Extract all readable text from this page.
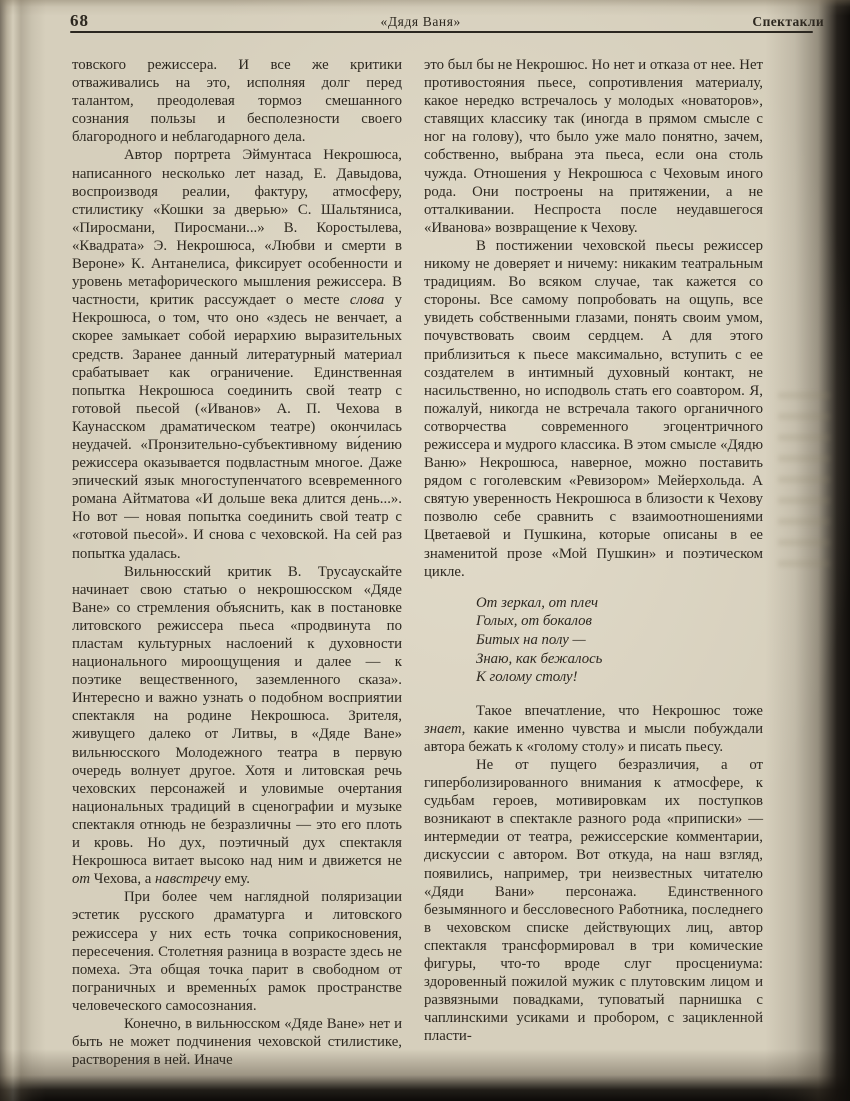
68	«Дядя Ваня»	Спектакли

товского режиссера. И все же критики отваживались на это, исполняя долг перед талантом, преодолевая тормоз смешанного сознания пользы и бесполезности своего благородного и неблагодарного дела.

Автор портрета Эймунтаса Некрошюса, написанного несколько лет назад, Е. Давыдова, воспроизводя реалии, фактуру, атмосферу, стилистику «Кошки за дверью» С. Шальтяниса, «Пиросмани, Пиросмани...» В. Коростылева, «Квадрата» Э. Некрошюса, «Любви и смерти в Вероне» К. Антанелиса, фиксирует особенности и уровень метафорического мышления режиссера. В частности, критик рассуждает о месте слова у Некрошюса, о том, что оно «здесь не венчает, а скорее замыкает собой иерархию выразительных средств. Заранее данный литературный материал срабатывает как ограничение. Единственная попытка Некрошюса соединить свой театр с готовой пьесой («Иванов» А. П. Чехова в Каунасском драматическом театре) окончилась неудачей. «Пронзительно-субъективному ви́дению режиссера оказывается подвластным многое. Даже эпический язык многоступенчатого всевременного романа Айтматова «И дольше века длится день...». Но вот — новая попытка соединить свой театр с «готовой пьесой». И снова с чеховской. На сей раз попытка удалась.

Вильнюсский критик В. Трусаускайте начинает свою статью о некрошюсском «Дяде Ване» со стремления объяснить, как в постановке литовского режиссера пьеса «продвинута по пластам культурных наслоений к духовности национального мироощущения и далее — к поэтике вещественного, заземленного сказа». Интересно и важно узнать о подобном восприятии спектакля на родине Некрошюса. Зрителя, живущего далеко от Литвы, в «Дяде Ване» вильнюсского Молодежного театра в первую очередь волнует другое. Хотя и литовская речь чеховских персонажей и уловимые очертания национальных традиций в сценографии и музыке спектакля отнюдь не безразличны — это его плоть и кровь. Но дух, поэтичный дух спектакля Некрошюса витает высоко над ним и движется не от Чехова, а навстречу ему.

При более чем наглядной поляризации эстетик русского драматурга и литовского режиссера у них есть точка соприкосновения, пересечения. Столетняя разница в возрасте здесь не помеха. Эта общая точка парит в свободном от пограничных и временны́х рамок пространстве человеческого самосознания.

Конечно, в вильнюсском «Дяде Ване» нет и быть не может подчинения чеховской стилистике, растворения в ней. Иначе

это был бы не Некрошюс. Но нет и отказа от нее. Нет противостояния пьесе, сопротивления материалу, какое нередко встречалось у молодых «новаторов», ставящих классику так (иногда в прямом смысле с ног на голову), что было уже мало понятно, зачем, собственно, выбрана эта пьеса, если она столь чужда. Отношения у Некрошюса с Чеховым иного рода. Они построены на притяжении, а не отталкивании. Неспроста после неудавшегося «Иванова» возвращение к Чехову.

В постижении чеховской пьесы режиссер никому не доверяет и ничему: никаким театральным традициям. Во всяком случае, так кажется со стороны. Все самому попробовать на ощупь, все увидеть собственными глазами, понять своим умом, почувствовать своим сердцем. А для этого приблизиться к пьесе максимально, вступить с ее создателем в интимный духовный контакт, не насильственно, но исподволь стать его соавтором. Я, пожалуй, никогда не встречала такого органичного сотворчества современного эгоцентричного режиссера и мудрого классика. В этом смысле «Дядю Ваню» Некрошюса, наверное, можно поставить рядом с гоголевским «Ревизором» Мейерхольда. А святую уверенность Некрошюса в близости к Чехову позволю себе сравнить с взаимоотношениями Цветаевой и Пушкина, которые описаны в ее знаменитой прозе «Мой Пушкин» и поэтическом цикле.

От зеркал, от плеч
Голых, от бокалов
Битых на полу —
Знаю, как бежалось
К голому столу!

Такое впечатление, что Некрошюс тоже знает, какие именно чувства и мысли побуждали автора бежать к «голому столу» и писать пьесу.

Не от пущего безразличия, а от гиперболизированного внимания к атмосфере, к судьбам героев, мотивировкам их поступков возникают в спектакле разного рода «приписки» — интермедии от театра, режиссерские комментарии, дискуссии с автором. Вот откуда, на наш взгляд, появились, например, три неизвестных читателю «Дяди Вани» персонажа. Единственного безымянного и бессловесного Работника, последнего в чеховском списке действующих лиц, автор спектакля трансформировал в три комические фигуры, что-то вроде слуг просцениума: здоровенный пожилой мужик с плутовским лицом и развязными повадками, туповатый парнишка с чаплинскими усиками и пробором, с зацикленной пласти-
